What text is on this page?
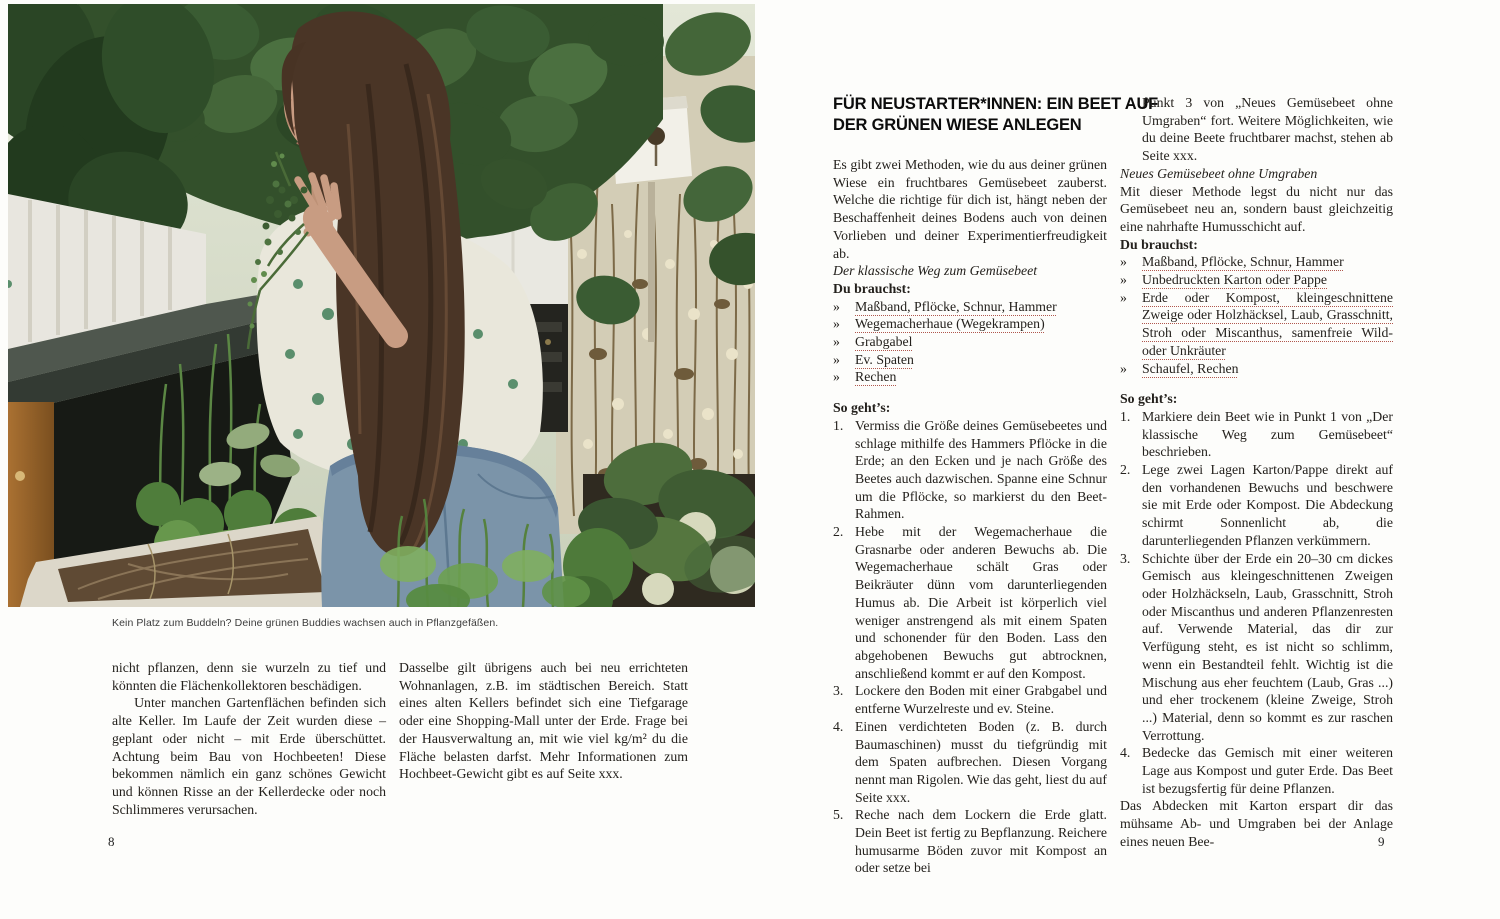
Kein Platz zum Buddeln? Deine grünen Buddies wachsen auch in Pflanzgefäßen.

nicht pflanzen, denn sie wurzeln zu tief und könnten die Flächenkollektoren beschädigen.

Unter manchen Gartenflächen befinden sich alte Keller. Im Laufe der Zeit wurden diese – geplant oder nicht – mit Erde überschüttet. Achtung beim Bau von Hochbeeten! Diese bekommen nämlich ein ganz schönes Gewicht und können Risse an der Kellerdecke oder noch Schlimmeres verursachen.

Dasselbe gilt übrigens auch bei neu errichteten Wohnanlagen, z.B. im städtischen Bereich. Statt eines alten Kellers befindet sich eine Tiefgarage oder eine Shopping-Mall unter der Erde. Frage bei der Hausverwaltung an, mit wie viel kg/m² du die Fläche belasten darfst. Mehr Informationen zum Hochbeet-Gewicht gibt es auf Seite xxx.

8
FÜR NEUSTARTER*INNEN: EIN BEET AUF
DER GRÜNEN WIESE ANLEGEN

Es gibt zwei Methoden, wie du aus deiner grünen Wiese ein fruchtbares Gemüsebeet zauberst. Welche die richtige für dich ist, hängt neben der Beschaffenheit deines Bodens auch von deinen Vorlieben und deiner Experimentierfreudigkeit ab.

Der klassische Weg zum Gemüsebeet

Du brauchst:

»	Maßband, Pflöcke, Schnur, Hammer
»	Wegemacherhaue (Wegekrampen)
»	Grabgabel
»	Ev. Spaten
»	Rechen

So geht’s:

1. Vermiss die Größe deines Gemüsebeetes und schlage mithilfe des Hammers Pflöcke in die Erde; an den Ecken und je nach Größe des Beetes auch dazwischen. Spanne eine Schnur um die Pflöcke, so markierst du den Beet-Rahmen.
2. Hebe mit der Wegemacherhaue die Grasnarbe oder anderen Bewuchs ab. Die Wegemacherhaue schält Gras oder Beikräuter dünn vom darunterliegenden Humus ab. Die Arbeit ist körperlich viel weniger anstrengend als mit einem Spaten und schonender für den Boden. Lass den abgehobenen Bewuchs gut abtrocknen, anschließend kommt er auf den Kompost.
3. Lockere den Boden mit einer Grabgabel und entferne Wurzelreste und ev. Steine.
4. Einen verdichteten Boden (z. B. durch Baumaschinen) musst du tiefgründig mit dem Spaten aufbrechen. Diesen Vorgang nennt man Rigolen. Wie das geht, liest du auf Seite xxx.
5. Reche nach dem Lockern die Erde glatt. Dein Beet ist fertig zu Bepflanzung. Reichere humusarme Böden zuvor mit Kompost an oder setze bei

Punkt 3 von „Neues Gemüsebeet ohne Umgraben“ fort. Weitere Möglichkeiten, wie du deine Beete fruchtbarer machst, stehen ab Seite xxx.

Neues Gemüsebeet ohne Umgraben

Mit dieser Methode legst du nicht nur das Gemüsebeet neu an, sondern baust gleichzeitig eine nahrhafte Humusschicht auf.

Du brauchst:

»	Maßband, Pflöcke, Schnur, Hammer
»	Unbedruckten Karton oder Pappe
»	Erde oder Kompost, kleingeschnittene Zweige oder Holzhäcksel, Laub, Grasschnitt, Stroh oder Miscanthus, samenfreie Wild- oder Unkräuter
»	Schaufel, Rechen

So geht’s:

1. Markiere dein Beet wie in Punkt 1 von „Der klassische Weg zum Gemüsebeet“ beschrieben.
2. Lege zwei Lagen Karton/Pappe direkt auf den vorhandenen Bewuchs und beschwere sie mit Erde oder Kompost. Die Abdeckung schirmt Sonnenlicht ab, die darunterliegenden Pflanzen verkümmern.
3. Schichte über der Erde ein 20–30 cm dickes Gemisch aus kleingeschnittenen Zweigen oder Holzhäckseln, Laub, Grasschnitt, Stroh oder Miscanthus und anderen Pflanzenresten auf. Verwende Material, das dir zur Verfügung steht, es ist nicht so schlimm, wenn ein Bestandteil fehlt. Wichtig ist die Mischung aus eher feuchtem (Laub, Gras ...) und eher trockenem (kleine Zweige, Stroh ...) Material, denn so kommt es zur raschen Verrottung.
4. Bedecke das Gemisch mit einer weiteren Lage aus Kompost und guter Erde. Das Beet ist bezugsfertig für deine Pflanzen.

Das Abdecken mit Karton erspart dir das mühsame Ab- und Umgraben bei der Anlage eines neuen Bee-	9
